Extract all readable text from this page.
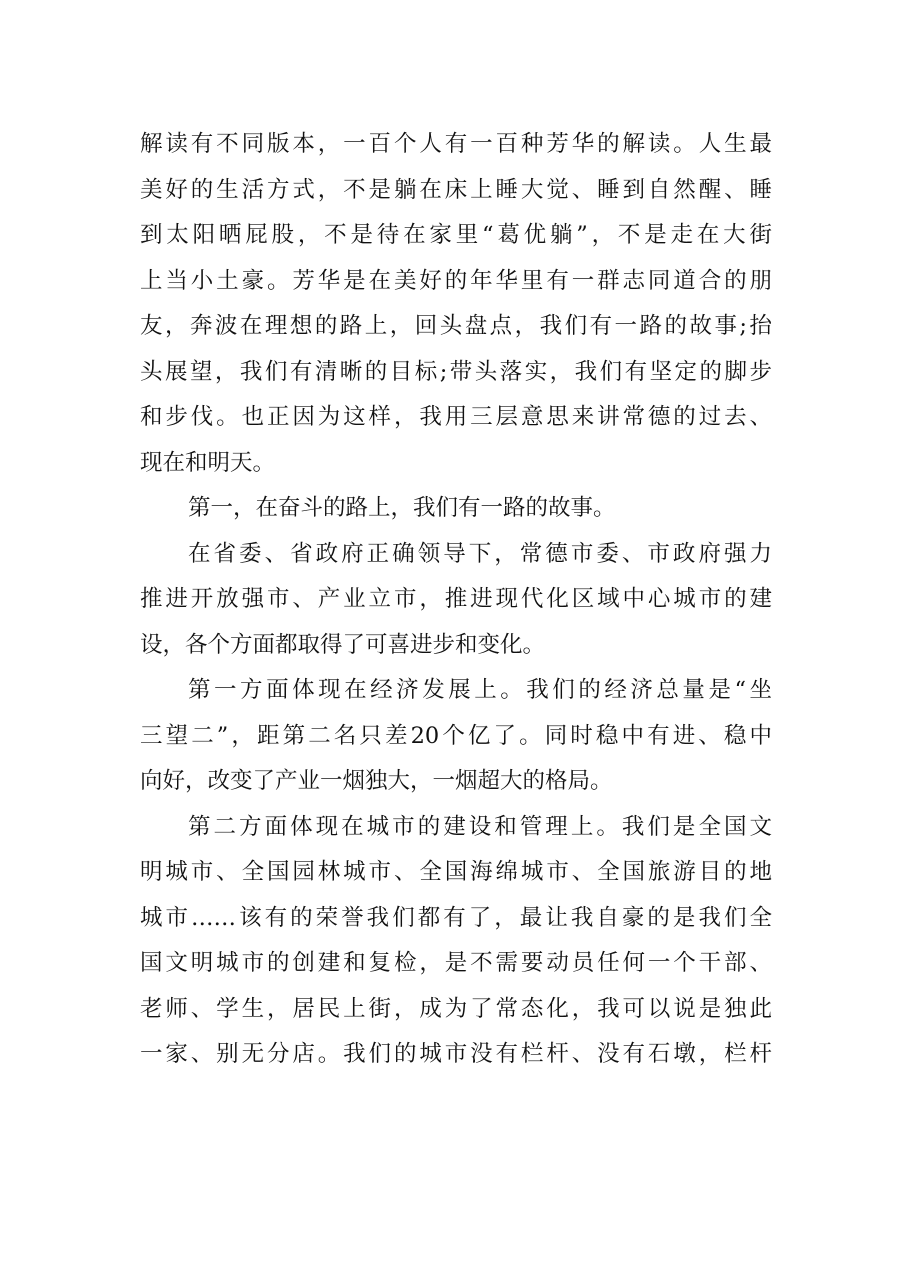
解读有不同版本，一百个人有一百种芳华的解读。人生最
美好的生活方式，不是躺在床上睡大觉、睡到自然醒、睡
到太阳晒屁股，不是待在家里“葛优躺”，不是走在大街
上当小土豪。芳华是在美好的年华里有一群志同道合的朋
友，奔波在理想的路上，回头盘点，我们有一路的故事;抬
头展望，我们有清晰的目标;带头落实，我们有坚定的脚步
和步伐。也正因为这样，我用三层意思来讲常德的过去、
现在和明天。
第一，在奋斗的路上，我们有一路的故事。
在省委、省政府正确领导下，常德市委、市政府强力
推进开放强市、产业立市，推进现代化区域中心城市的建
设，各个方面都取得了可喜进步和变化。
第一方面体现在经济发展上。我们的经济总量是“坐
三望二”，距第二名只差20个亿了。同时稳中有进、稳中
向好，改变了产业一烟独大，一烟超大的格局。
第二方面体现在城市的建设和管理上。我们是全国文
明城市、全国园林城市、全国海绵城市、全国旅游目的地
城市……该有的荣誉我们都有了，最让我自豪的是我们全
国文明城市的创建和复检，是不需要动员任何一个干部、
老师、学生，居民上街，成为了常态化，我可以说是独此
一家、别无分店。我们的城市没有栏杆、没有石墩，栏杆
